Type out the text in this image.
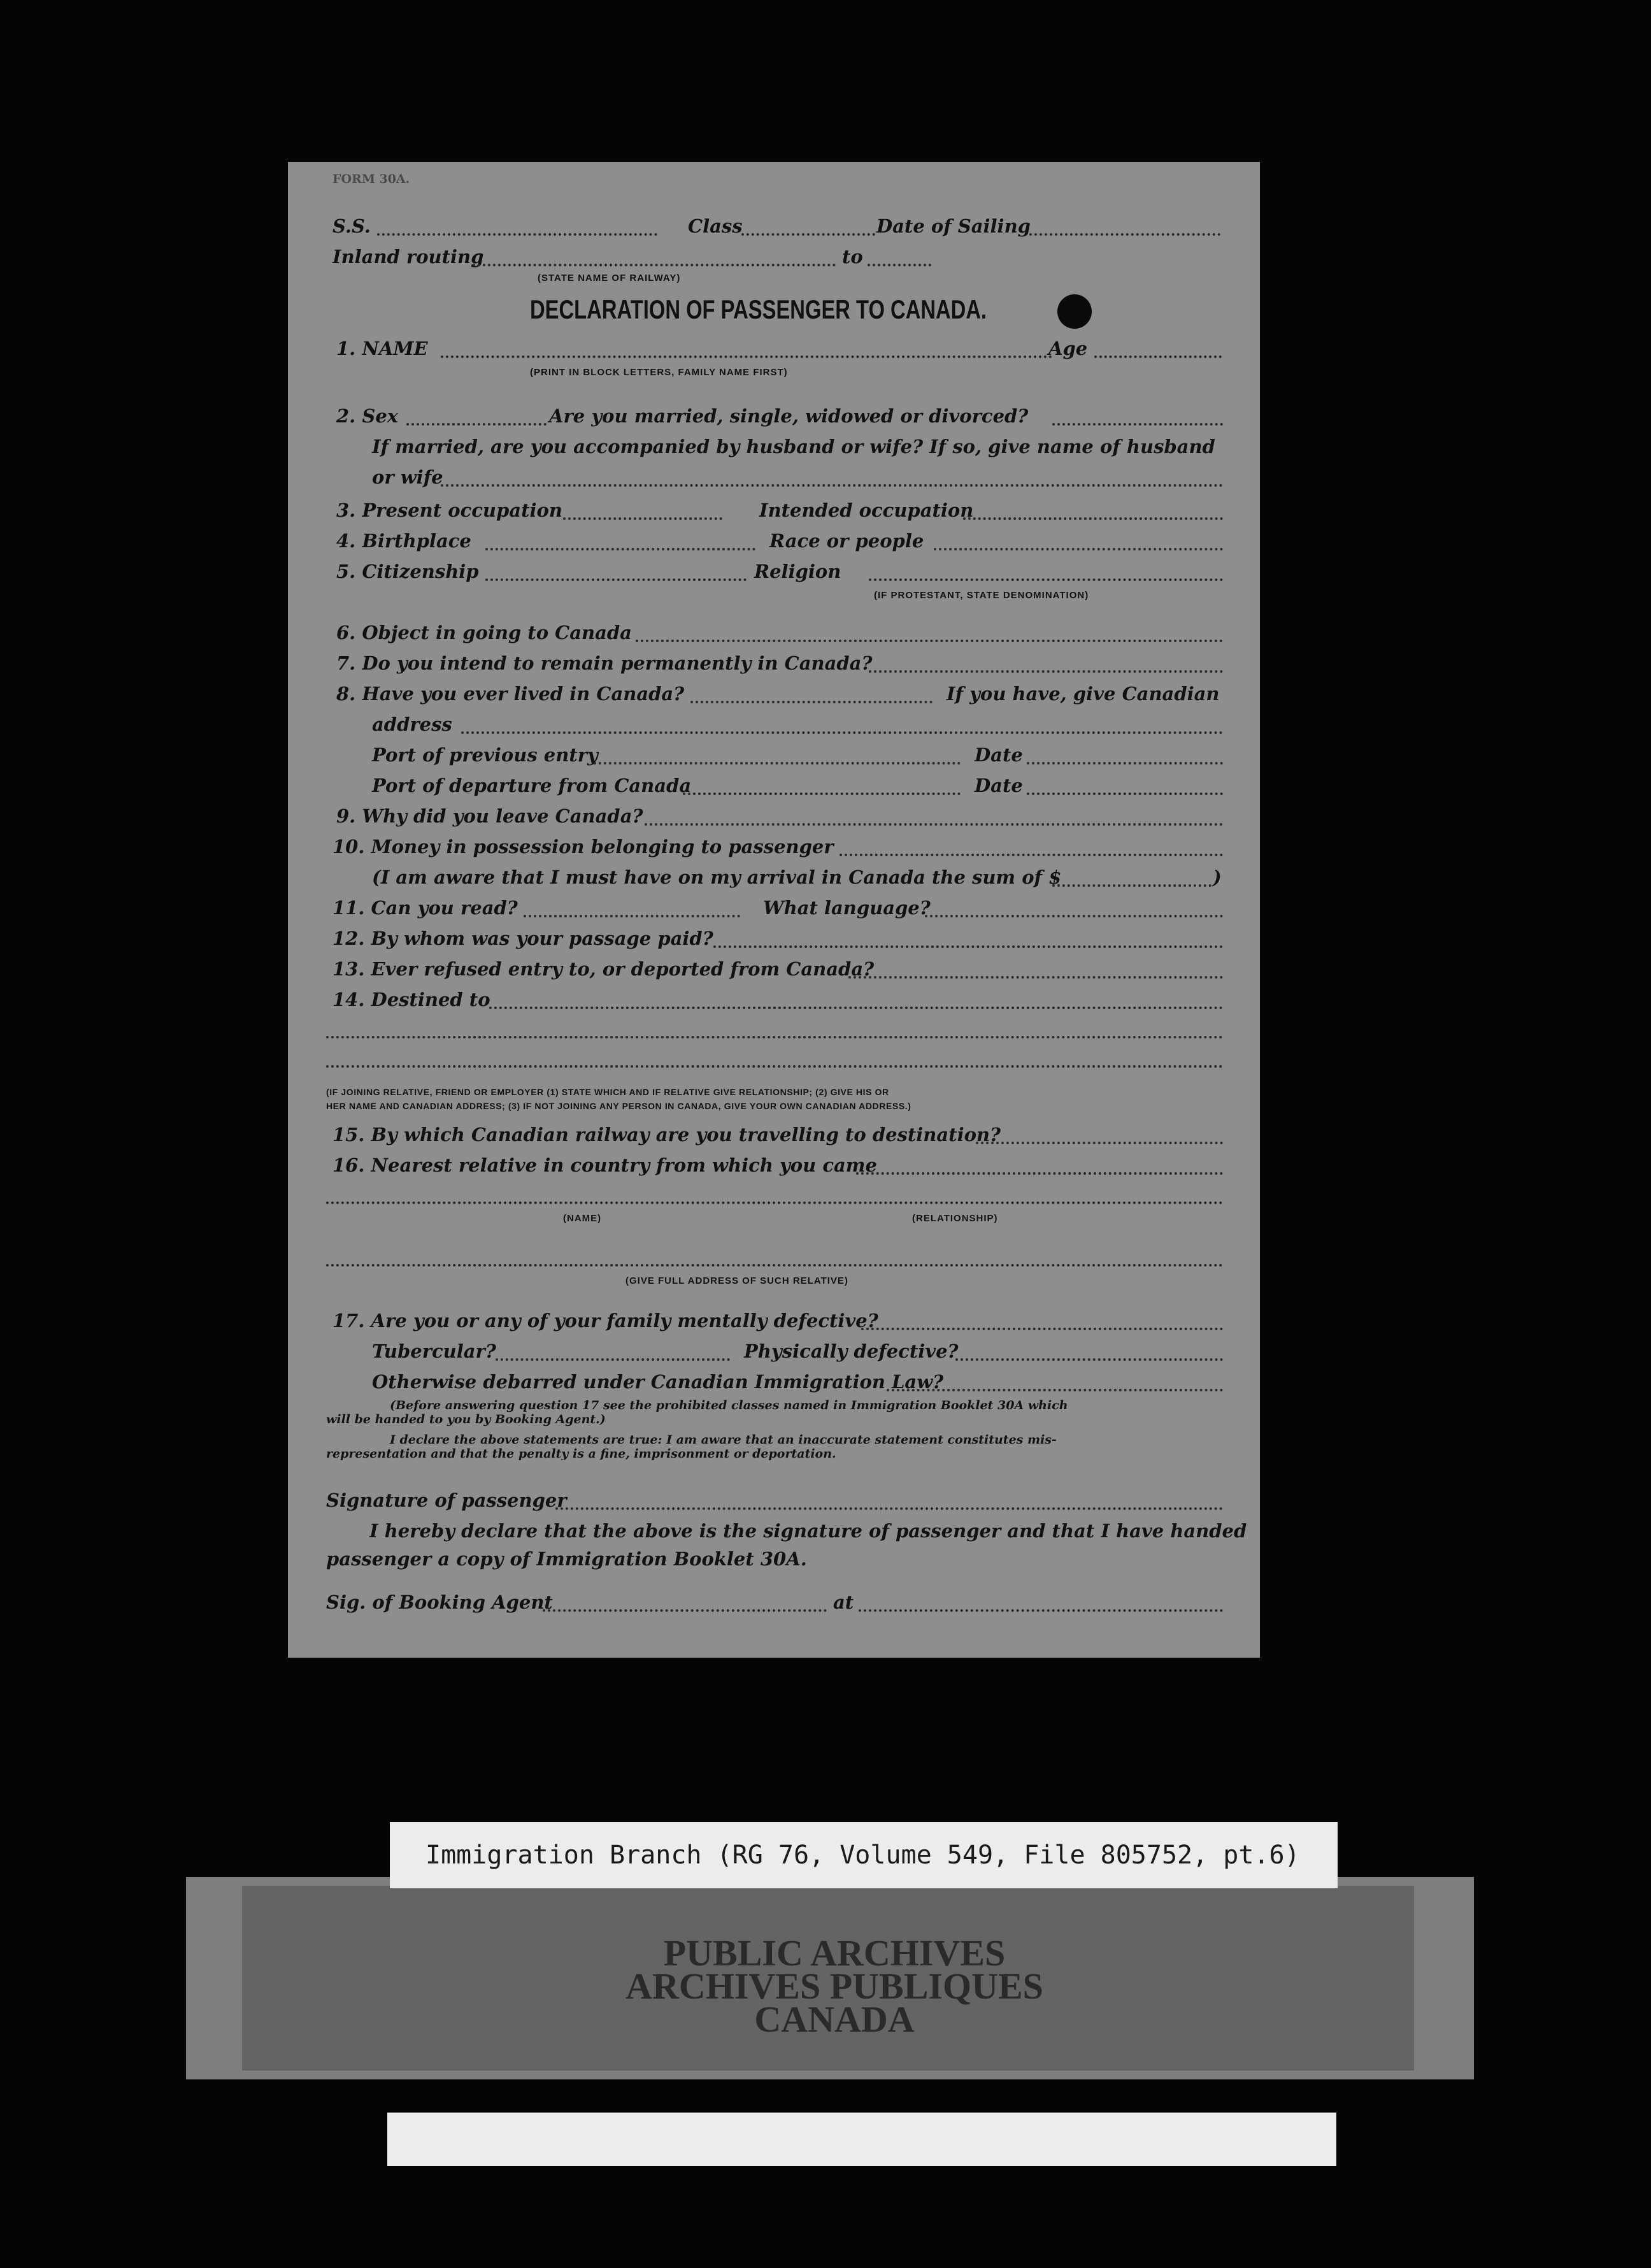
FORM 30A.
S.S.	Class	Date of Sailing
Inland routing	to
(STATE NAME OF RAILWAY)
DECLARATION OF PASSENGER TO CANADA.
1. NAME	Age
(PRINT IN BLOCK LETTERS, FAMILY NAME FIRST)
2. Sex	Are you married, single, widowed or divorced?
If married, are you accompanied by husband or wife? If so, give name of husband
or wife
3. Present occupation	Intended occupation
4. Birthplace	Race or people
5. Citizenship	Religion
(IF PROTESTANT, STATE DENOMINATION)
6. Object in going to Canada
7. Do you intend to remain permanently in Canada?
8. Have you ever lived in Canada?	If you have, give Canadian
address
Port of previous entry	Date
Port of departure from Canada	Date
9. Why did you leave Canada?
10. Money in possession belonging to passenger
(I am aware that I must have on my arrival in Canada the sum of $	)
11. Can you read?	What language?
12. By whom was your passage paid?
13. Ever refused entry to, or deported from Canada?
14. Destined to
(IF JOINING RELATIVE, FRIEND OR EMPLOYER (1) STATE WHICH AND IF RELATIVE GIVE RELATIONSHIP; (2) GIVE HIS OR
HER NAME AND CANADIAN ADDRESS; (3) IF NOT JOINING ANY PERSON IN CANADA, GIVE YOUR OWN CANADIAN ADDRESS.)
15. By which Canadian railway are you travelling to destination?
16. Nearest relative in country from which you came
(NAME)	(RELATIONSHIP)
(GIVE FULL ADDRESS OF SUCH RELATIVE)
17. Are you or any of your family mentally defective?
Tubercular?	Physically defective?
Otherwise debarred under Canadian Immigration Law?
(Before answering question 17 see the prohibited classes named in Immigration Booklet 30A which
will be handed to you by Booking Agent.)
I declare the above statements are true: I am aware that an inaccurate statement constitutes mis-
representation and that the penalty is a fine, imprisonment or deportation.
Signature of passenger
I hereby declare that the above is the signature of passenger and that I have handed
passenger a copy of Immigration Booklet 30A.
Sig. of Booking Agent	at
Immigration Branch (RG 76, Volume 549, File 805752, pt.6)
PUBLIC ARCHIVES
ARCHIVES PUBLIQUES
CANADA
